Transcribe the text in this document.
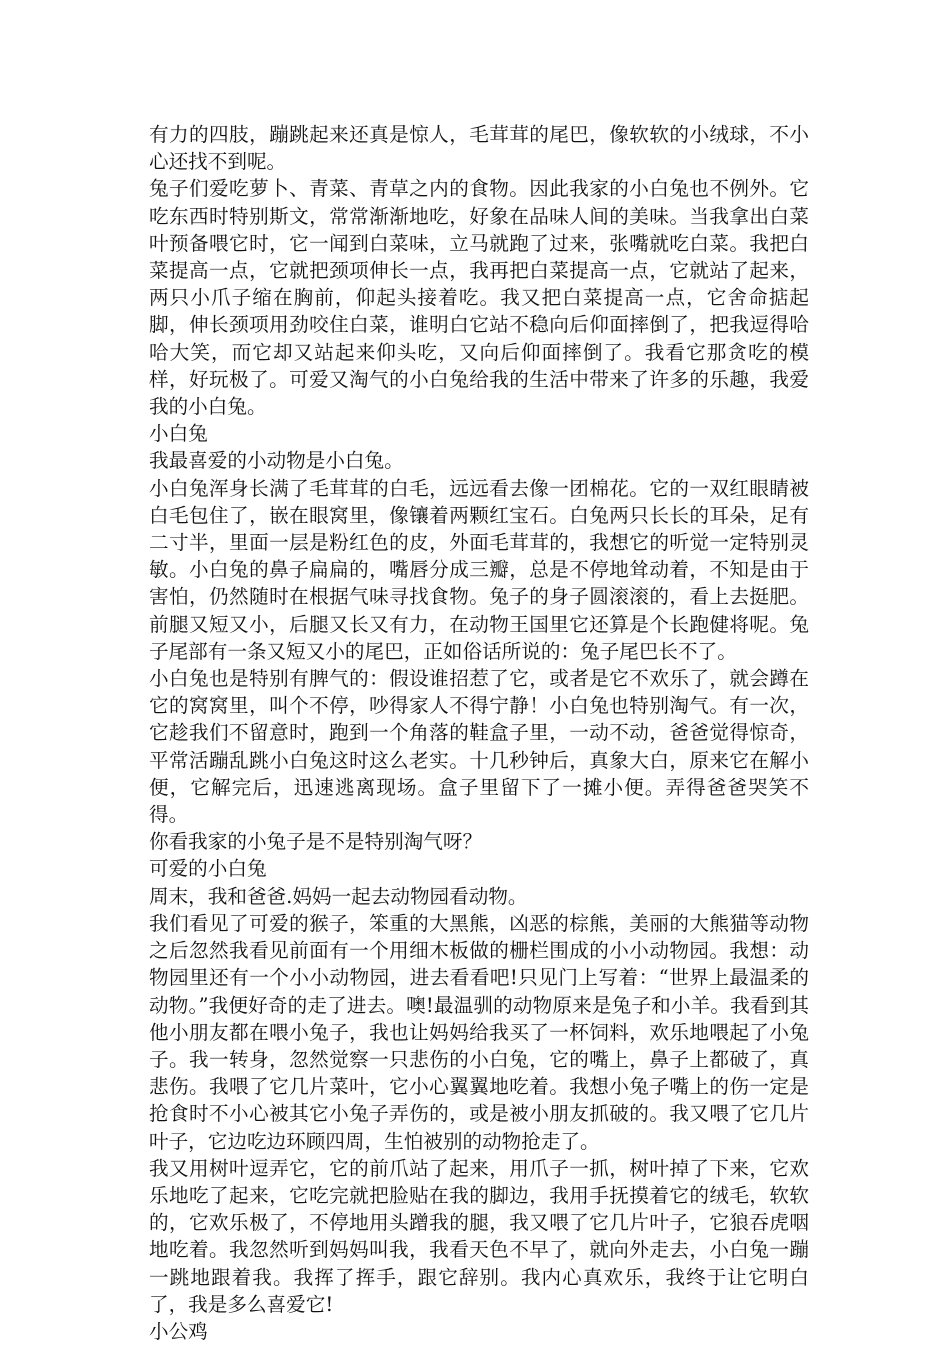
有力的四肢，蹦跳起来还真是惊人，毛茸茸的尾巴，像软软的小绒球，不小心还找不到呢。

兔子们爱吃萝卜、青菜、青草之内的食物。因此我家的小白兔也不例外。它吃东西时特别斯文，常常渐渐地吃，好象在品味人间的美味。当我拿出白菜叶预备喂它时，它一闻到白菜味，立马就跑了过来，张嘴就吃白菜。我把白菜提高一点，它就把颈项伸长一点，我再把白菜提高一点，它就站了起来，两只小爪子缩在胸前，仰起头接着吃。我又把白菜提高一点，它舍命掂起脚，伸长颈项用劲咬住白菜，谁明白它站不稳向后仰面摔倒了，把我逗得哈哈大笑，而它却又站起来仰头吃，又向后仰面摔倒了。我看它那贪吃的模样，好玩极了。可爱又淘气的小白兔给我的生活中带来了许多的乐趣，我爱我的小白兔。

小白兔

我最喜爱的小动物是小白兔。

小白兔浑身长满了毛茸茸的白毛，远远看去像一团棉花。它的一双红眼睛被白毛包住了，嵌在眼窝里，像镶着两颗红宝石。白兔两只长长的耳朵，足有二寸半，里面一层是粉红色的皮，外面毛茸茸的，我想它的听觉一定特别灵敏。小白兔的鼻子扁扁的，嘴唇分成三瓣，总是不停地耸动着，不知是由于害怕，仍然随时在根据气味寻找食物。兔子的身子圆滚滚的，看上去挺肥。前腿又短又小，后腿又长又有力，在动物王国里它还算是个长跑健将呢。兔子尾部有一条又短又小的尾巴，正如俗话所说的：兔子尾巴长不了。

小白兔也是特别有脾气的：假设谁招惹了它，或者是它不欢乐了，就会蹲在它的窝窝里，叫个不停，吵得家人不得宁静！小白兔也特别淘气。有一次，它趁我们不留意时，跑到一个角落的鞋盒子里，一动不动，爸爸觉得惊奇，平常活蹦乱跳小白兔这时这么老实。十几秒钟后，真象大白，原来它在解小便，它解完后，迅速逃离现场。盒子里留下了一摊小便。弄得爸爸哭笑不得。

你看我家的小兔子是不是特别淘气呀？

可爱的小白兔

周末，我和爸爸.妈妈一起去动物园看动物。

我们看见了可爱的猴子，笨重的大黑熊，凶恶的棕熊，美丽的大熊猫等动物之后忽然我看见前面有一个用细木板做的栅栏围成的小小动物园。我想：动物园里还有一个小小动物园，进去看看吧!只见门上写着：“世界上最温柔的动物。”我便好奇的走了进去。噢!最温驯的动物原来是兔子和小羊。我看到其他小朋友都在喂小兔子，我也让妈妈给我买了一杯饲料，欢乐地喂起了小兔子。我一转身，忽然觉察一只悲伤的小白兔，它的嘴上，鼻子上都破了，真悲伤。我喂了它几片菜叶，它小心翼翼地吃着。我想小兔子嘴上的伤一定是抢食时不小心被其它小兔子弄伤的，或是被小朋友抓破的。我又喂了它几片叶子，它边吃边环顾四周，生怕被别的动物抢走了。

我又用树叶逗弄它，它的前爪站了起来，用爪子一抓，树叶掉了下来，它欢乐地吃了起来，它吃完就把脸贴在我的脚边，我用手抚摸着它的绒毛，软软的，它欢乐极了，不停地用头蹭我的腿，我又喂了它几片叶子，它狼吞虎咽地吃着。我忽然听到妈妈叫我，我看天色不早了，就向外走去，小白兔一蹦一跳地跟着我。我挥了挥手，跟它辞别。我内心真欢乐，我终于让它明白了，我是多么喜爱它!

小公鸡
